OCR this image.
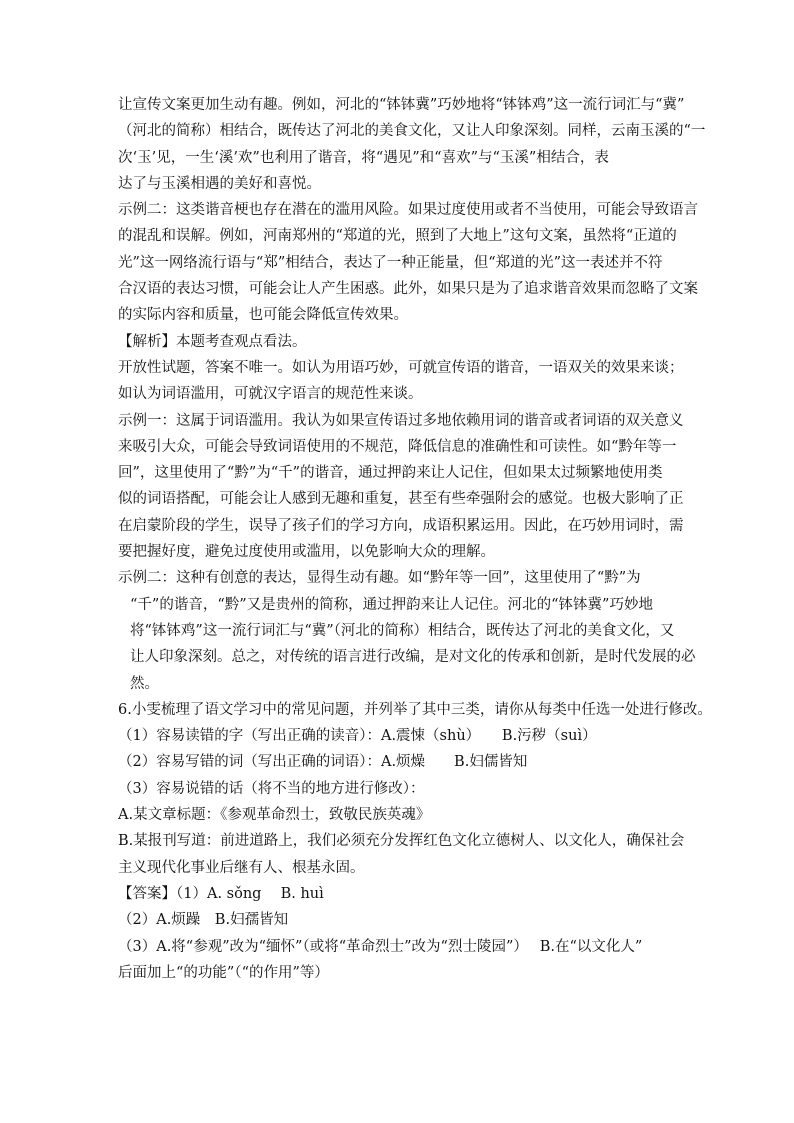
让宣传文案更加生动有趣。例如，河北的“钵钵冀”巧妙地将“钵钵鸡”这一流行词汇与“冀”

（河北的简称）相结合，既传达了河北的美食文化，又让人印象深刻。同样，云南玉溪的“一

次‘玉’见，一生‘溪’欢”也利用了谐音，将“遇见”和“喜欢”与“玉溪”相结合，表

达了与玉溪相遇的美好和喜悦。

示例二：这类谐音梗也存在潜在的滥用风险。如果过度使用或者不当使用，可能会导致语言

的混乱和误解。例如，河南郑州的“郑道的光，照到了大地上”这句文案，虽然将“正道的

光”这一网络流行语与“郑”相结合，表达了一种正能量，但“郑道的光”这一表述并不符

合汉语的表达习惯，可能会让人产生困惑。此外，如果只是为了追求谐音效果而忽略了文案

的实际内容和质量，也可能会降低宣传效果。

【解析】本题考查观点看法。

开放性试题，答案不唯一。如认为用语巧妙，可就宣传语的谐音，一语双关的效果来谈；

如认为词语滥用，可就汉字语言的规范性来谈。

示例一：这属于词语滥用。我认为如果宣传语过多地依赖用词的谐音或者词语的双关意义

来吸引大众，可能会导致词语使用的不规范，降低信息的准确性和可读性。如“黔年等一

回”，这里使用了“黔”为“千”的谐音，通过押韵来让人记住，但如果太过频繁地使用类

似的词语搭配，可能会让人感到无趣和重复，甚至有些牵强附会的感觉。也极大影响了正

在启蒙阶段的学生，误导了孩子们的学习方向，成语积累运用。因此，在巧妙用词时，需

要把握好度，避免过度使用或滥用，以免影响大众的理解。

示例二：这种有创意的表达，显得生动有趣。如“黔年等一回”，这里使用了“黔”为

“千”的谐音，“黔”又是贵州的简称，通过押韵来让人记住。河北的“钵钵冀”巧妙地

将“钵钵鸡”这一流行词汇与“冀”（河北的简称）相结合，既传达了河北的美食文化，又

让人印象深刻。总之，对传统的语言进行改编，是对文化的传承和创新，是时代发展的必

然。

6.小雯梳理了语文学习中的常见问题，并列举了其中三类，请你从每类中任选一处进行修改。

（1）容易读错的字（写出正确的读音）：A.震悚（shù）　　B.污秽（suì）

（2）容易写错的词（写出正确的词语）：A.烦燥　　B.妇儒皆知

（3）容易说错的话（将不当的地方进行修改）：

A.某文章标题：《参观革命烈士，致敬民族英魂》

B.某报刊写道：前进道路上，我们必须充分发挥红色文化立德树人、以文化人，确保社会

主义现代化事业后继有人、根基永固。

【答案】（1）A. sǒng　 B. huì

（2）A.烦躁　B.妇孺皆知

（3）A.将“参观”改为“缅怀”（或将“革命烈士”改为“烈士陵园”）　 B.在“以文化人”

后面加上“的功能”（“的作用”等）
